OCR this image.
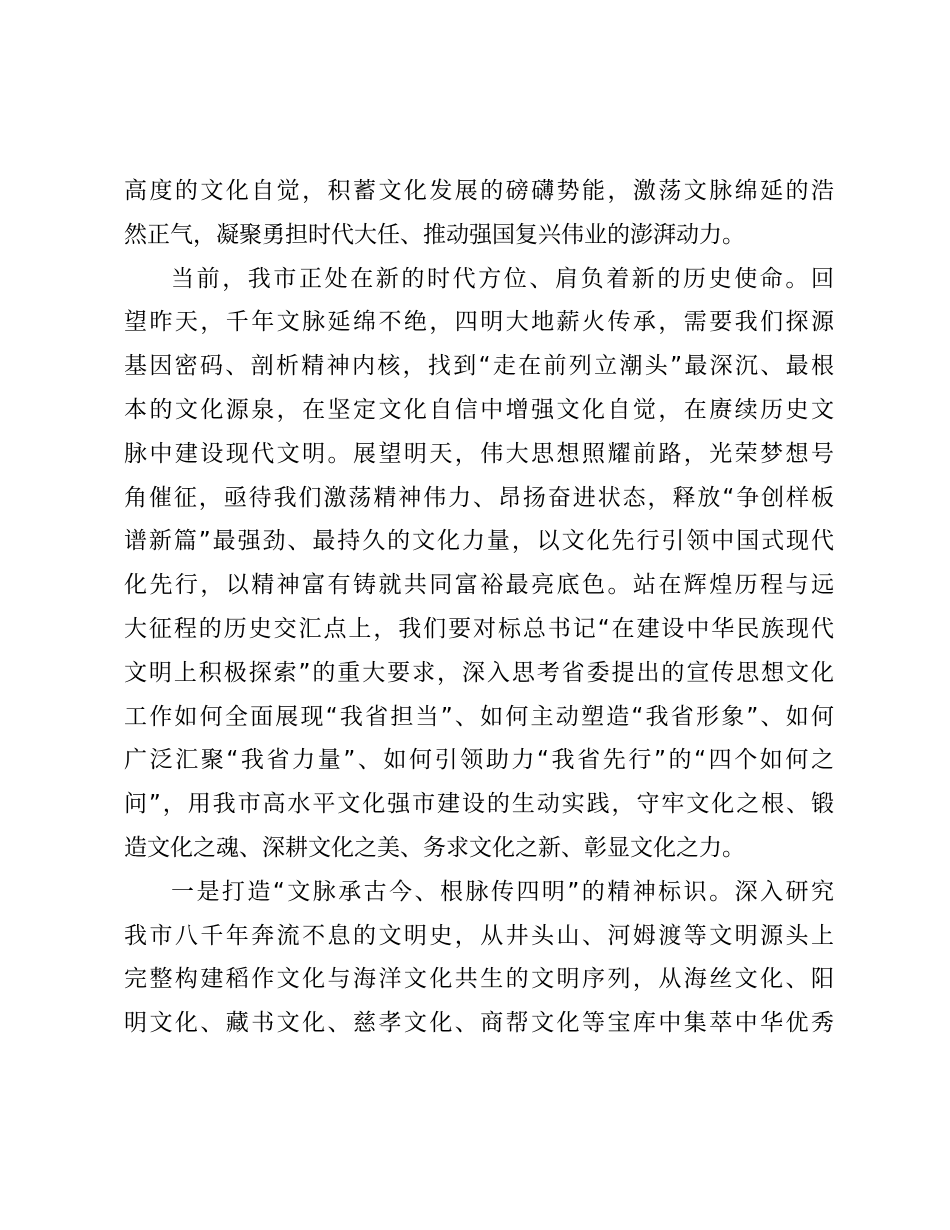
高度的文化自觉，积蓄文化发展的磅礴势能，激荡文脉绵延的浩
然正气，凝聚勇担时代大任、推动强国复兴伟业的澎湃动力。
当前，我市正处在新的时代方位、肩负着新的历史使命。回
望昨天，千年文脉延绵不绝，四明大地薪火传承，需要我们探源
基因密码、剖析精神内核，找到“走在前列立潮头”最深沉、最根
本的文化源泉，在坚定文化自信中增强文化自觉，在赓续历史文
脉中建设现代文明。展望明天，伟大思想照耀前路，光荣梦想号
角催征，亟待我们激荡精神伟力、昂扬奋进状态，释放“争创样板
谱新篇”最强劲、最持久的文化力量，以文化先行引领中国式现代
化先行，以精神富有铸就共同富裕最亮底色。站在辉煌历程与远
大征程的历史交汇点上，我们要对标总书记“在建设中华民族现代
文明上积极探索”的重大要求，深入思考省委提出的宣传思想文化
工作如何全面展现“我省担当”、如何主动塑造“我省形象”、如何
广泛汇聚“我省力量”、如何引领助力“我省先行”的“四个如何之
问”，用我市高水平文化强市建设的生动实践，守牢文化之根、锻
造文化之魂、深耕文化之美、务求文化之新、彰显文化之力。
一是打造“文脉承古今、根脉传四明”的精神标识。深入研究
我市八千年奔流不息的文明史，从井头山、河姆渡等文明源头上
完整构建稻作文化与海洋文化共生的文明序列，从海丝文化、阳
明文化、藏书文化、慈孝文化、商帮文化等宝库中集萃中华优秀
